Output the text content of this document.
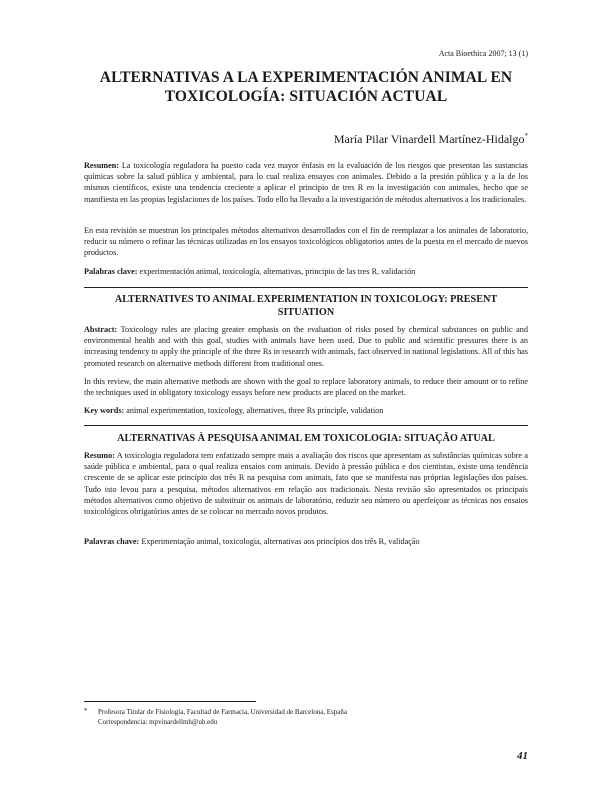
Acta Bioethica 2007; 13 (1)
ALTERNATIVAS A LA EXPERIMENTACIÓN ANIMAL EN
TOXICOLOGÍA: SITUACIÓN ACTUAL
María Pilar Vinardell Martínez-Hidalgo*

Resumen: La toxicología reguladora ha puesto cada vez mayor énfasis en la evaluación de los riesgos que presentan las sustancias químicas sobre la salud pública y ambiental, para lo cual realiza ensayos con animales. Debido a la presión pública y a la de los mismos científicos, existe una tendencia creciente a aplicar el principio de tres R en la investigación con animales, hecho que se manifiesta en las propias legislaciones de los países. Todo ello ha llevado a la investigación de métodos alternativos a los tradicionales.

En esta revisión se muestran los principales métodos alternativos desarrollados con el fin de reemplazar a los animales de laboratorio, reducir su número o refinar las técnicas utilizadas en los ensayos toxicológicos obligatorios antes de la puesta en el mercado de nuevos productos.

Palabras clave: experimentación animal, toxicología, alternativas, principio de las tres R, validación

ALTERNATIVES TO ANIMAL EXPERIMENTATION IN TOXICOLOGY: PRESENT
SITUATION

Abstract: Toxicology rules are placing greater emphasis on the evaluation of risks posed by chemical substances on public and environmental health and with this goal, studies with animals have been used. Due to public and scientific pressures there is an increasing tendency to apply the principle of the three Rs in research with animals, fact observed in national legislations. All of this has promoted research on alternative methods different from traditional ones.

In this review, the main alternative methods are shown with the goal to replace laboratory animals, to reduce their amount or to refine the techniques used in obligatory toxicology essays before new products are placed on the market.

Key words: animal experimentation, toxicology, alternatives, three Rs principle, validation

ALTERNATIVAS À PESQUISA ANIMAL EM TOXICOLOGIA: SITUAÇÃO ATUAL

Resumo: A toxicologia reguladora tem enfatizado sempre mais a avaliação dos riscos que apresentam as substâncias químicas sobre a saúde pública e ambiental, para o qual realiza ensaios com animais. Devido à pressão pública e dos cientistas, existe uma tendência crescente de se aplicar este princípio dos três R na pesquisa com animais, fato que se manifesta nas próprias legislações dos países. Tudo isto levou para a pesquisa, métodos alternativos em relação aos tradicionais. Nesta revisão são apresentados os principais métodos alternativos como objetivo de substituir os animais de laboratório, reduzir seu número ou aperfeiçoar as técnicas nos ensaios toxicológicos obrigatórios antes de se colocar no mercado novos produtos.

Palavras chave: Experimentação animal, toxicologia, alternativas aos princípios dos três R, validação

* Profesora Titular de Fisiología, Facultad de Farmacia, Universidad de Barcelona, España
Correspondencia: mpvinardellmh@ub.edu

41
